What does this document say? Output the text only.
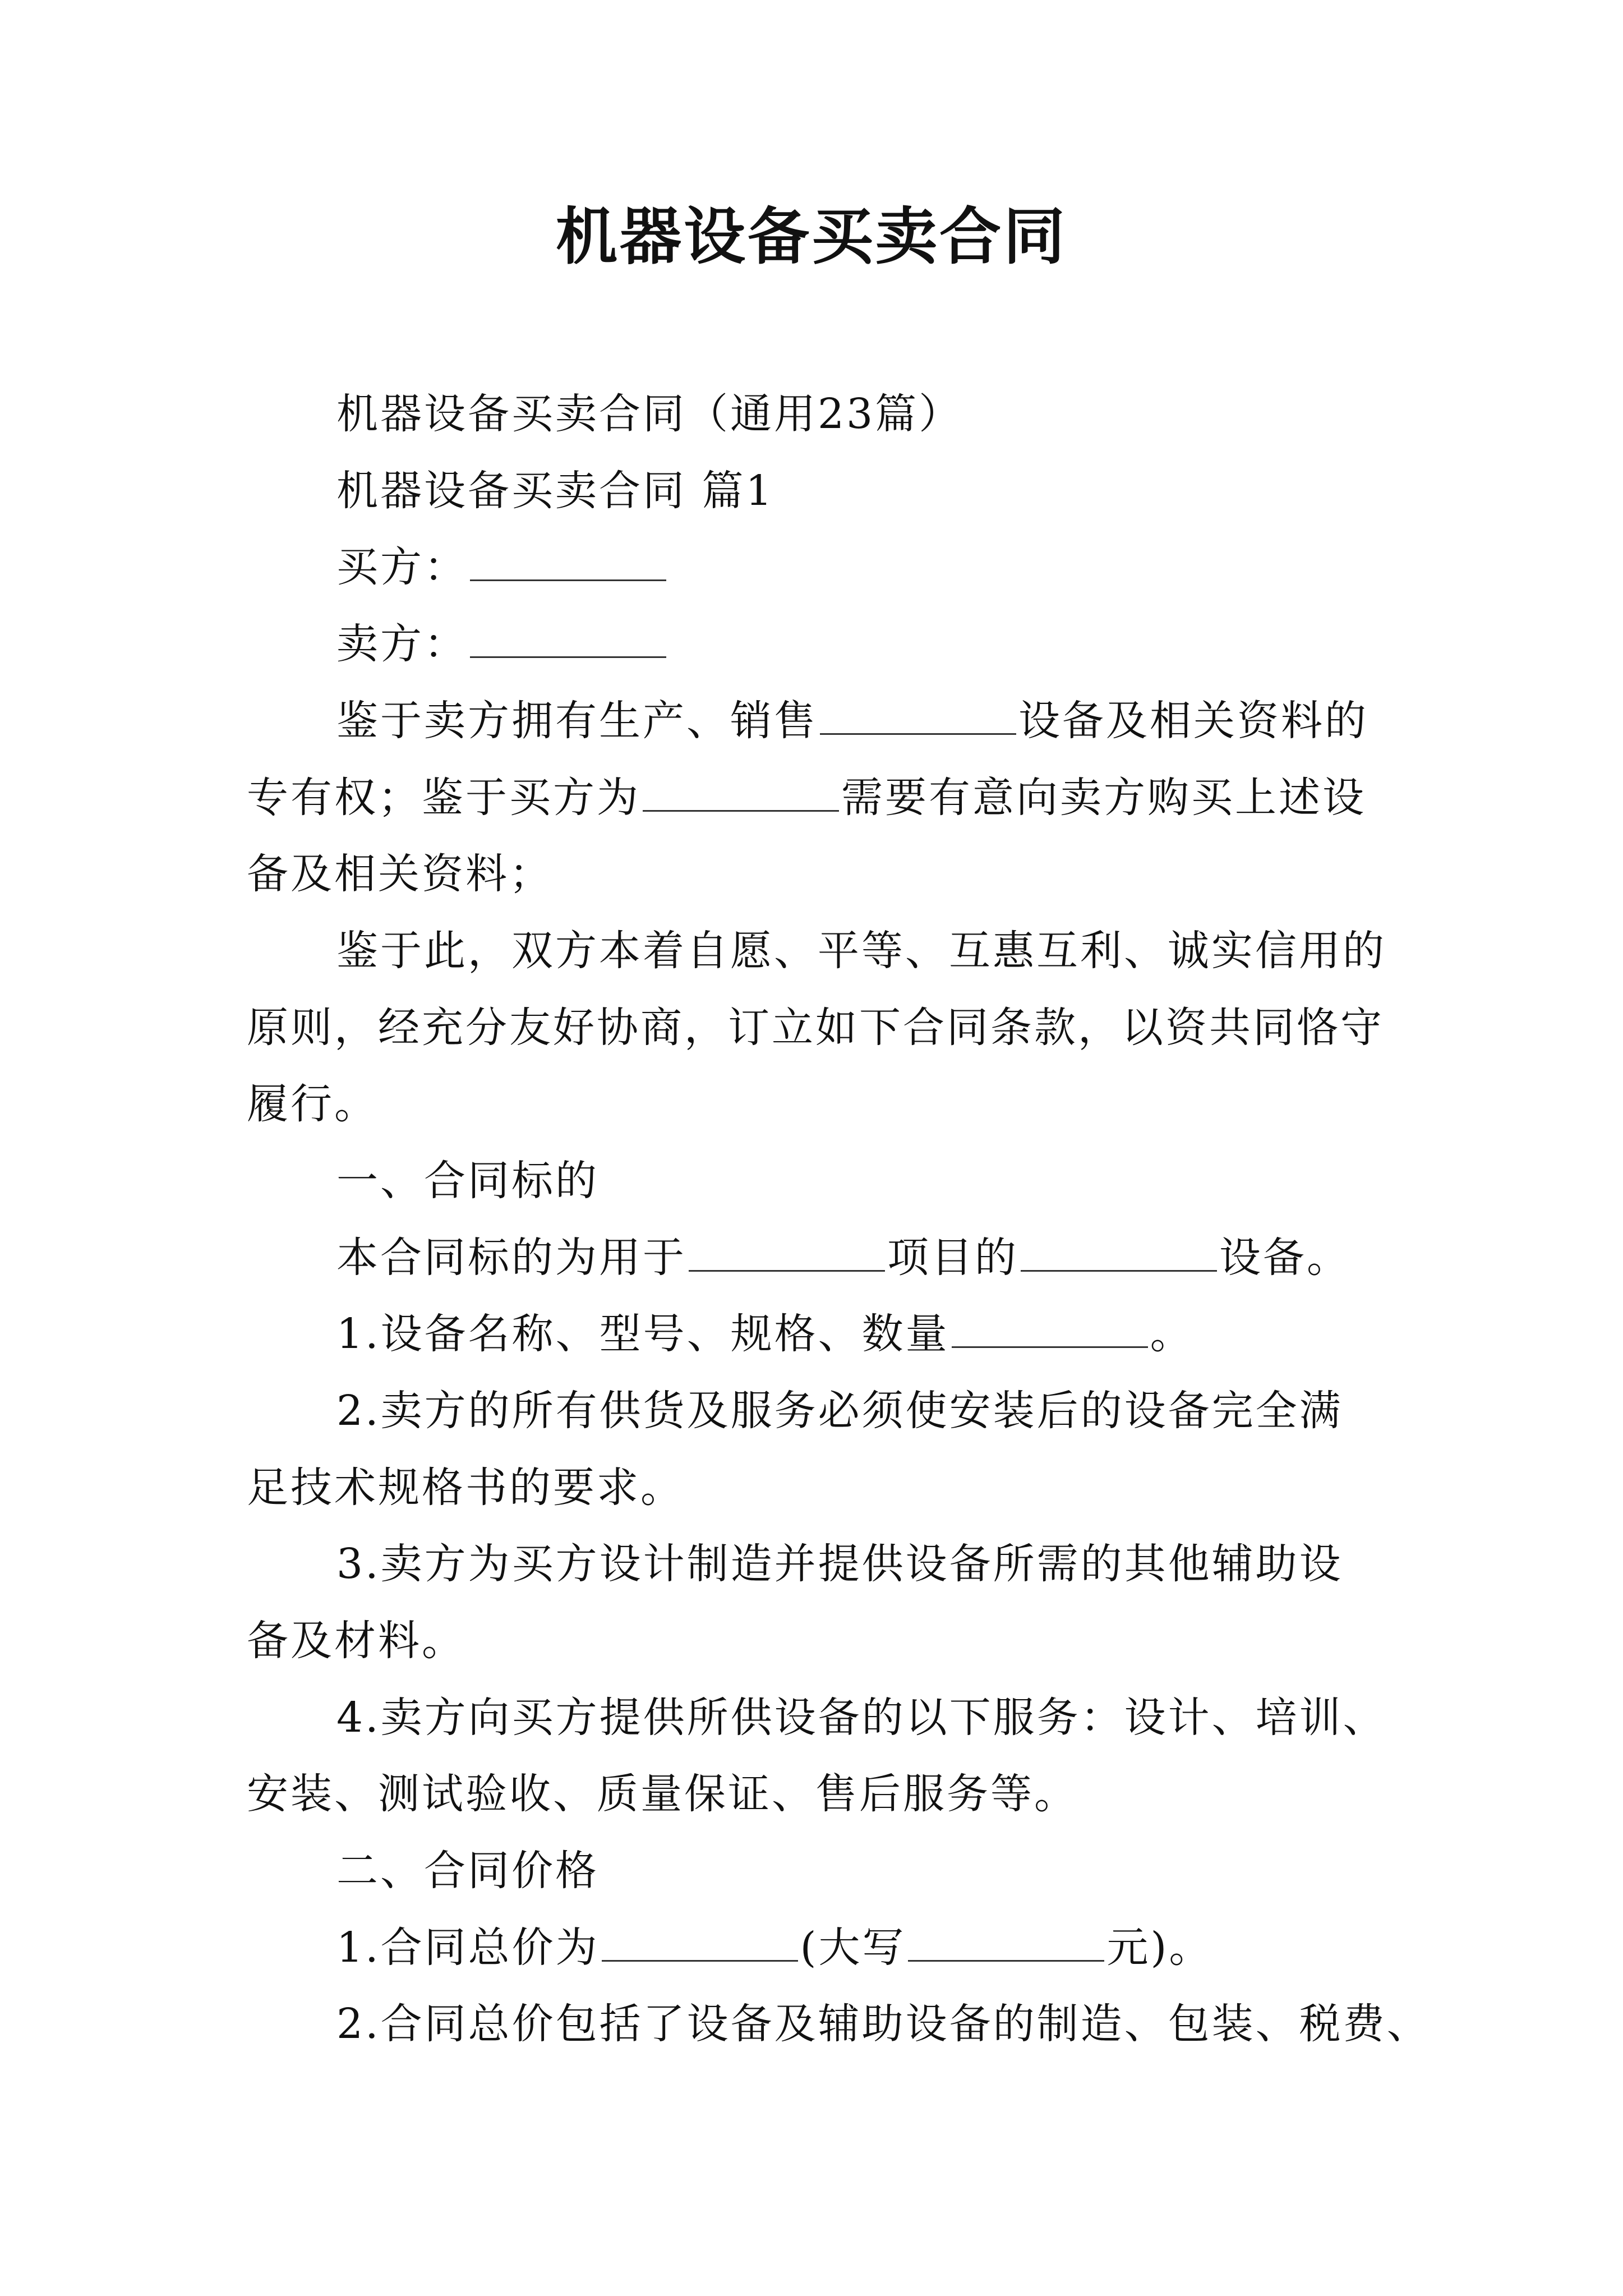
机器设备买卖合同
机器设备买卖合同（通用23篇）
机器设备买卖合同 篇1
买方：
卖方：
鉴于卖方拥有生产、销售	设备及相关资料的
专有权；鉴于买方为	需要有意向卖方购买上述设
备及相关资料；
鉴于此，双方本着自愿、平等、互惠互利、诚实信用的
原则，经充分友好协商，订立如下合同条款，以资共同恪守
履行。
一、合同标的
本合同标的为用于	项目的	设备。
1.设备名称、型号、规格、数量	。
2.卖方的所有供货及服务必须使安装后的设备完全满
足技术规格书的要求。
3.卖方为买方设计制造并提供设备所需的其他辅助设
备及材料。
4.卖方向买方提供所供设备的以下服务：设计、培训、
安装、测试验收、质量保证、售后服务等。
二、合同价格
1.合同总价为	(大写	元)。
2.合同总价包括了设备及辅助设备的制造、包装、税费、
